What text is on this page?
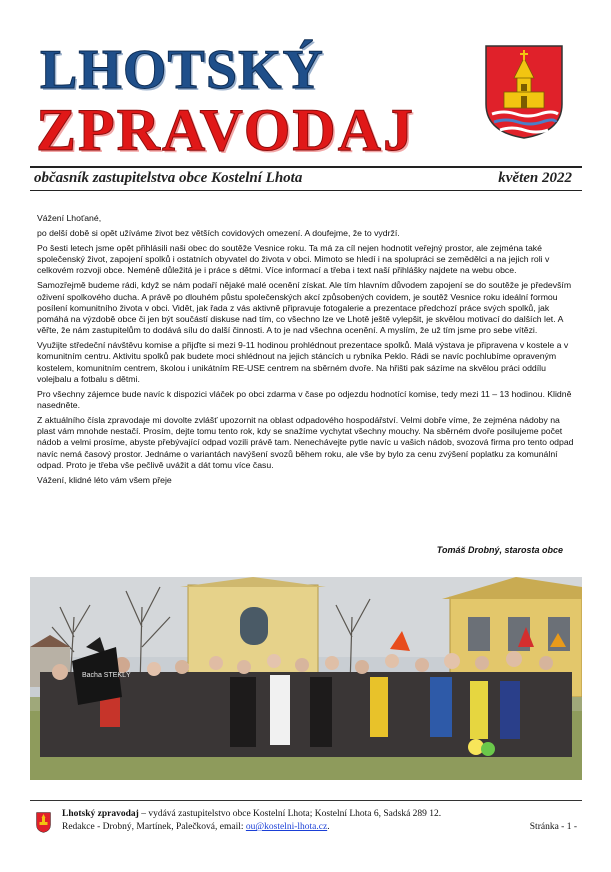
LHOTSKÝ
ZPRAVODAJ
občasník zastupitelstva obce Kostelní Lhota	květen 2022

Vážení Lhoťané,

po delší době si opět užíváme život bez větších covidových omezení. A doufejme, že to vydrží.

Po šesti letech jsme opět přihlásili naši obec do soutěže Vesnice roku. Ta má za cíl nejen hodnotit veřejný prostor, ale zejména také společenský život, zapojení spolků i ostatních obyvatel do života v obci. Mimoto se hledí i na spolupráci se zemědělci a na jejich roli v celkovém rozvoji obce. Neméně důležitá je i práce s dětmi. Více informací a třeba i text naší přihlášky najdete na webu obce.

Samozřejmě budeme rádi, když se nám podaří nějaké malé ocenění získat. Ale tím hlavním důvodem zapojení se do soutěže je především oživení spolkového ducha. A právě po dlouhém půstu společenských akcí způsobených covidem, je soutěž Vesnice roku ideální formou posílení komunitního života v obci. Vidět, jak řada z vás aktivně připravuje fotogalerie a prezentace předchozí práce svých spolků, jak pomáhá na výzdobě obce či jen být součástí diskuse nad tím, co všechno lze ve Lhotě ještě vylepšit, je skvělou motivací do dalších let. A věřte, že nám zastupitelům to dodává sílu do další činnosti. A to je nad všechna ocenění. A myslím, že už tím jsme pro sebe vítězi.

Využijte středeční návštěvu komise a přijďte si mezi 9-11 hodinou prohlédnout prezentace spolků. Malá výstava je připravena v kostele a v komunitním centru. Aktivitu spolků pak budete moci shlédnout na jejich stáncích u rybníka Peklo. Rádi se navíc pochlubíme opraveným kostelem, komunitním centrem, školou i unikátním RE-USE centrem na sběrném dvoře. Na hřišti pak sázíme na skvělou práci oddílu volejbalu a fotbalu s dětmi.

Pro všechny zájemce bude navíc k dispozici vláček po obci zdarma v čase po odjezdu hodnotící komise, tedy mezi 11 – 13 hodinou. Klidně nasedněte.

Z aktuálního čísla zpravodaje mi dovolte zvlášť upozornit na oblast odpadového hospodářství. Velmi dobře víme, že zejména nádoby na plast vám mnohde nestačí. Prosím, dejte tomu tento rok, kdy se snažíme vychytat všechny mouchy. Na sběrném dvoře posilujeme počet nádob a velmi prosíme, abyste přebývající odpad vozili právě tam. Nenechávejte pytle navíc u vašich nádob, svozová firma pro tento odpad navíc nemá časový prostor. Jednáme o variantách navýšení svozů během roku, ale vše by bylo za cenu zvýšení poplatku za komunální odpad. Proto je třeba vše pečlivě uvážit a dát tomu více času.

Vážení, klidné léto vám všem přeje

Tomáš Drobný, starosta obce
Bacha STEKLÝ
Lhotský zpravodaj – vydává zastupitelstvo obce Kostelní Lhota; Kostelní Lhota 6, Sadská 289 12.
Redakce - Drobný, Martínek, Palečková, email: ou@kostelni-lhota.cz.	Stránka - 1 -
